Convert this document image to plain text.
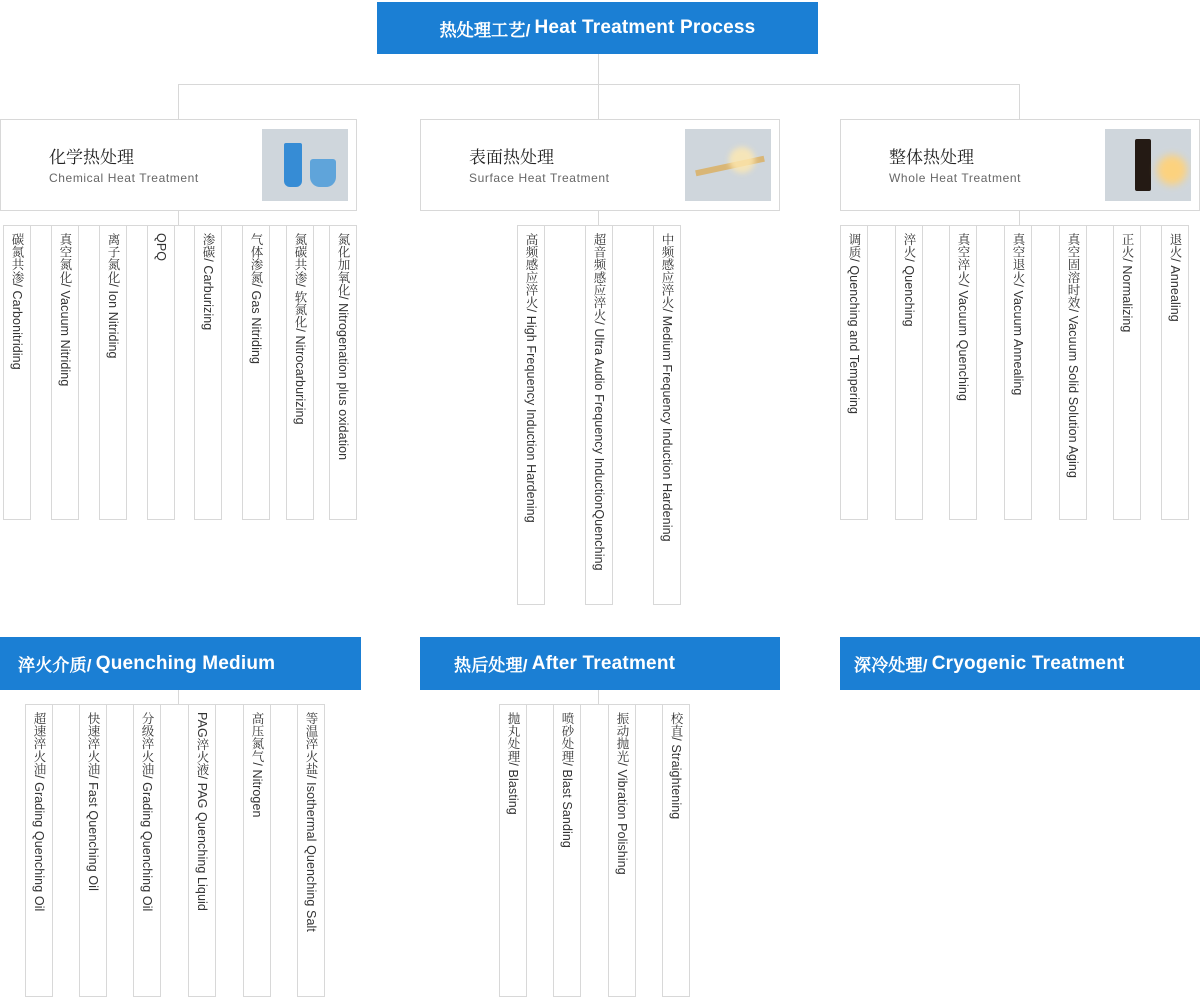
热处理工艺/ Heat Treatment Process
化学热处理
Chemical Heat Treatment
表面热处理
Surface Heat Treatment
整体热处理
Whole Heat Treatment
碳氮共渗/ Carbonitriding	真空氮化/ Vacuum Nitriding	离子氮化/ Ion Nitriding	QPQ	渗碳/ Carburizing	气体渗氮/ Gas Nitriding	氮碳共渗/ 软氮化/ Nitrocarburizing	氮化加氧化/ Nitrogenation plus oxidation	高频感应淬火/ High Frequency Induction Hardening	超音频感应淬火/ Ultra Audio Frequency InductionQuenching	中频感应淬火/ Medium Frequency Induction Hardening	调质/ Quenching and Tempering	淬火/ Quenching	真空淬火/ Vacuum Quenching	真空退火/ Vacuum Annealing	真空固溶时效/ Vacuum Solid Solution Aging	正火/ Normalizing	退火/ Annealing
淬火介质/ Quenching Medium	热后处理/ After Treatment	深冷处理/ Cryogenic Treatment
超速淬火油/ Grading Quenching Oil	快速淬火油/ Fast Quenching Oil	分级淬火油/ Grading Quenching Oil	PAG淬火液/ PAG Quenching Liquid	高压氮气/ Nitrogen	等温淬火盐/ Isothermal Quenching Salt	抛丸处理/ Blasting	喷砂处理/ Blast Sanding	振动抛光/ Vibration Polishing	校直/ Straightening
